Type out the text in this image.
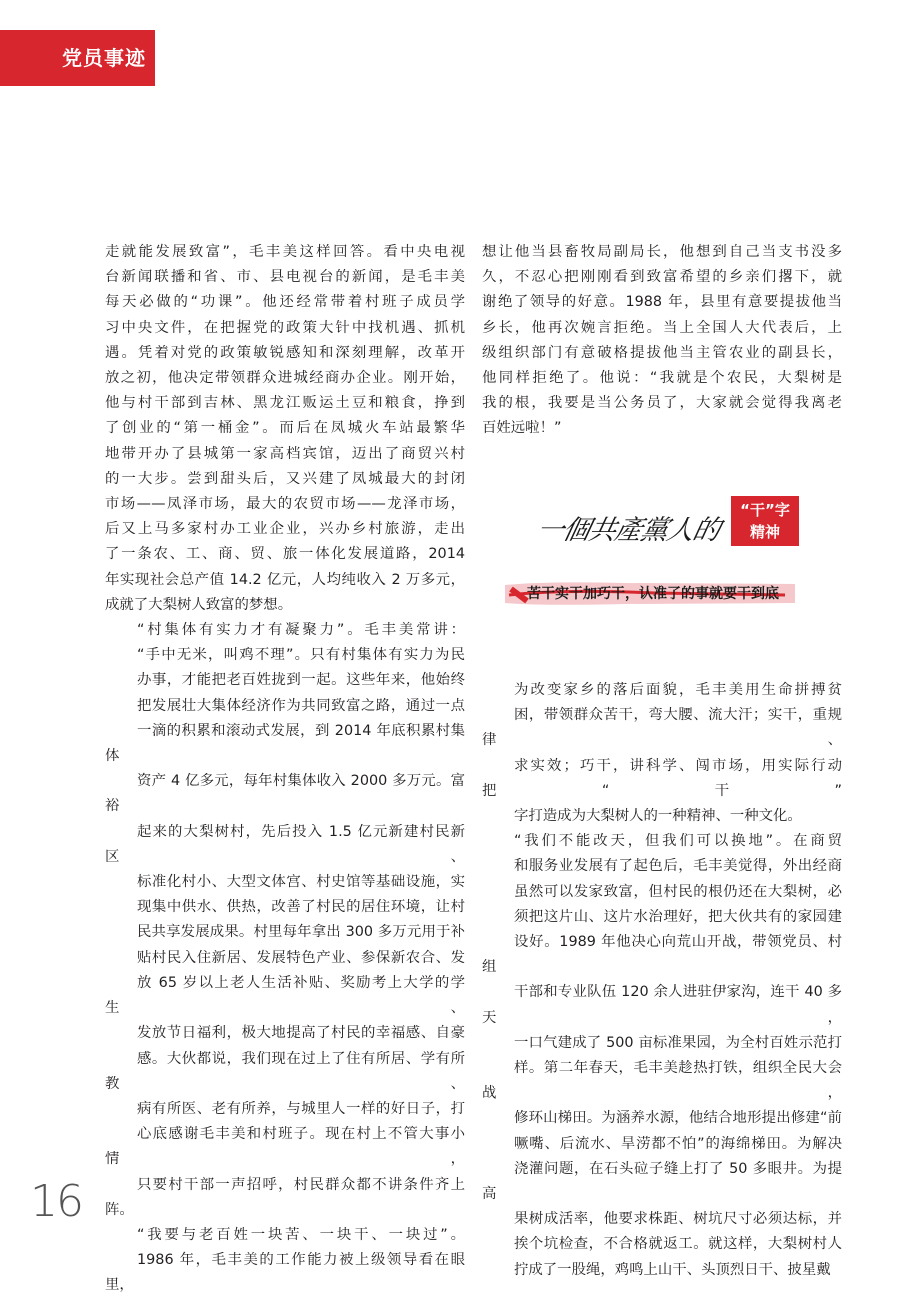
党员事迹

走就能发展致富”，毛丰美这样回答。看中央电视
台新闻联播和省、市、县电视台的新闻，是毛丰美
每天必做的“功课”。他还经常带着村班子成员学
习中央文件，在把握党的政策大针中找机遇、抓机
遇。凭着对党的政策敏锐感知和深刻理解，改革开
放之初，他决定带领群众进城经商办企业。刚开始，
他与村干部到吉林、黑龙江贩运土豆和粮食，挣到
了创业的“第一桶金”。而后在凤城火车站最繁华
地带开办了县城第一家高档宾馆，迈出了商贸兴村
的一大步。尝到甜头后，又兴建了凤城最大的封闭
市场——凤泽市场，最大的农贸市场——龙泽市场，
后又上马多家村办工业企业，兴办乡村旅游，走出
了一条农、工、商、贸、旅一体化发展道路，2014
年实现社会总产值 14.2 亿元，人均纯收入 2 万多元，
成就了大梨树人致富的梦想。

“村集体有实力才有凝聚力”。毛丰美常讲：
“手中无米，叫鸡不理”。只有村集体有实力为民
办事，才能把老百姓拢到一起。这些年来，他始终
把发展壮大集体经济作为共同致富之路，通过一点
一滴的积累和滚动式发展，到 2014 年底积累村集体
资产 4 亿多元，每年村集体收入 2000 多万元。富裕
起来的大梨树村，先后投入 1.5 亿元新建村民新区、
标准化村小、大型文体宫、村史馆等基础设施，实
现集中供水、供热，改善了村民的居住环境，让村
民共享发展成果。村里每年拿出 300 多万元用于补
贴村民入住新居、发展特色产业、参保新农合、发
放 65 岁以上老人生活补贴、奖励考上大学的学生、
发放节日福利，极大地提高了村民的幸福感、自豪
感。大伙都说，我们现在过上了住有所居、学有所教、
病有所医、老有所养，与城里人一样的好日子，打
心底感谢毛丰美和村班子。现在村上不管大事小情，
只要村干部一声招呼，村民群众都不讲条件齐上阵。

“我要与老百姓一块苦、一块干、一块过”。
1986 年，毛丰美的工作能力被上级领导看在眼里，

想让他当县畜牧局副局长，他想到自己当支书没多
久，不忍心把刚刚看到致富希望的乡亲们撂下，就
谢绝了领导的好意。1988 年，县里有意要提拔他当
乡长，他再次婉言拒绝。当上全国人大代表后，上
级组织部门有意破格提拔他当主管农业的副县长，
他同样拒绝了。他说：“我就是个农民，大梨树是
我的根，我要是当公务员了，大家就会觉得我离老
百姓远啦！”

一個共產黨人的
“干”字
精神
苦干实干加巧干，认准了的事就要干到底

为改变家乡的落后面貌，毛丰美用生命拼搏贫
困，带领群众苦干，弯大腰、流大汗；实干，重规律、
求实效；巧干，讲科学、闯市场，用实际行动把“干”
字打造成为大梨树人的一种精神、一种文化。

“我们不能改天，但我们可以换地”。在商贸
和服务业发展有了起色后，毛丰美觉得，外出经商
虽然可以发家致富，但村民的根仍还在大梨树，必
须把这片山、这片水治理好，把大伙共有的家园建
设好。1989 年他决心向荒山开战，带领党员、村组
干部和专业队伍 120 余人进驻伊家沟，连干 40 多天，
一口气建成了 500 亩标准果园，为全村百姓示范打
样。第二年春天，毛丰美趁热打铁，组织全民大会战，
修环山梯田。为涵养水源，他结合地形提出修建“前
噘嘴、后流水、旱涝都不怕”的海绵梯田。为解决
浇灌问题，在石头砬子缝上打了 50 多眼井。为提高
果树成活率，他要求株距、树坑尺寸必须达标，并
挨个坑检查，不合格就返工。就这样，大梨树村人
拧成了一股绳，鸡鸣上山干、头顶烈日干、披星戴

16
